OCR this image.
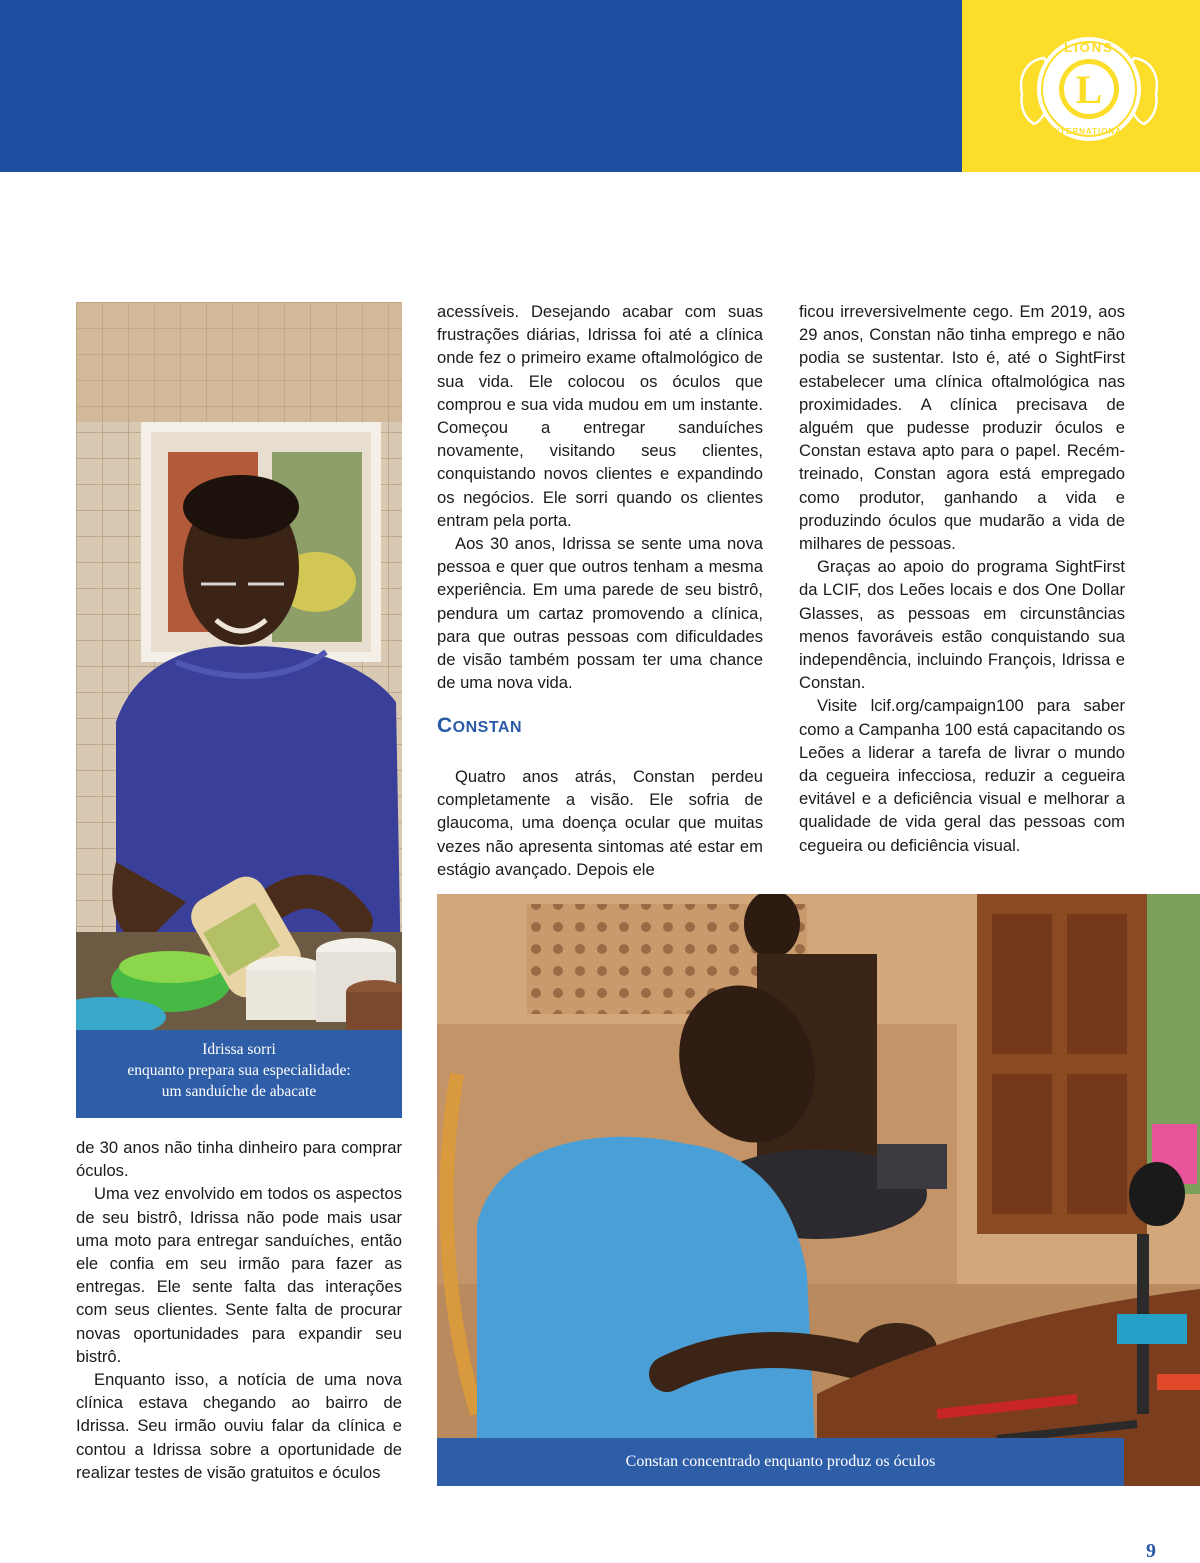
L
LIONS
INTERNATIONAL
Idrissa sorri
enquanto prepara sua especialidade:
um sanduíche de abacate

de 30 anos não tinha dinheiro para comprar óculos.

Uma vez envolvido em todos os aspectos de seu bistrô, Idrissa não pode mais usar uma moto para entregar sanduíches, então ele confia em seu irmão para fazer as entregas. Ele sente falta das interações com seus clientes. Sente falta de procurar novas oportunidades para expandir seu bistrô.

Enquanto isso, a notícia de uma nova clínica estava chegando ao bairro de Idrissa. Seu irmão ouviu falar da clínica e contou a Idrissa sobre a oportunidade de realizar testes de visão gratuitos e óculos

acessíveis. Desejando acabar com suas frustrações diárias, Idrissa foi até a clínica onde fez o primeiro exame oftalmológico de sua vida. Ele colocou os óculos que comprou e sua vida mudou em um instante. Começou a entregar sanduíches novamente, visitando seus clientes, conquistando novos clientes e expandindo os negócios. Ele sorri quando os clientes entram pela porta.

Aos 30 anos, Idrissa se sente uma nova pessoa e quer que outros tenham a mesma experiência. Em uma parede de seu bistrô, pendura um cartaz promovendo a clínica, para que outras pessoas com dificuldades de visão também possam ter uma chance de uma nova vida.

CONSTAN

Quatro anos atrás, Constan perdeu completamente a visão. Ele sofria de glaucoma, uma doença ocular que muitas vezes não apresenta sintomas até estar em estágio avançado. Depois ele

ficou irreversivelmente cego. Em 2019, aos 29 anos, Constan não tinha emprego e não podia se sustentar. Isto é, até o SightFirst estabelecer uma clínica oftalmológica nas proximidades. A clínica precisava de alguém que pudesse produzir óculos e Constan estava apto para o papel. Recém-treinado, Constan agora está empregado como produtor, ganhando a vida e produzindo óculos que mudarão a vida de milhares de pessoas.

Graças ao apoio do programa SightFirst da LCIF, dos Leões locais e dos One Dollar Glasses, as pessoas em circunstâncias menos favoráveis estão conquistando sua independência, incluindo François, Idrissa e Constan.

Visite lcif.org/campaign100 para saber como a Campanha 100 está capacitando os Leões a liderar a tarefa de livrar o mundo da cegueira infecciosa, reduzir a cegueira evitável e a deficiência visual e melhorar a qualidade de vida geral das pessoas com cegueira ou deficiência visual.

Constan concentrado enquanto produz os óculos
9
